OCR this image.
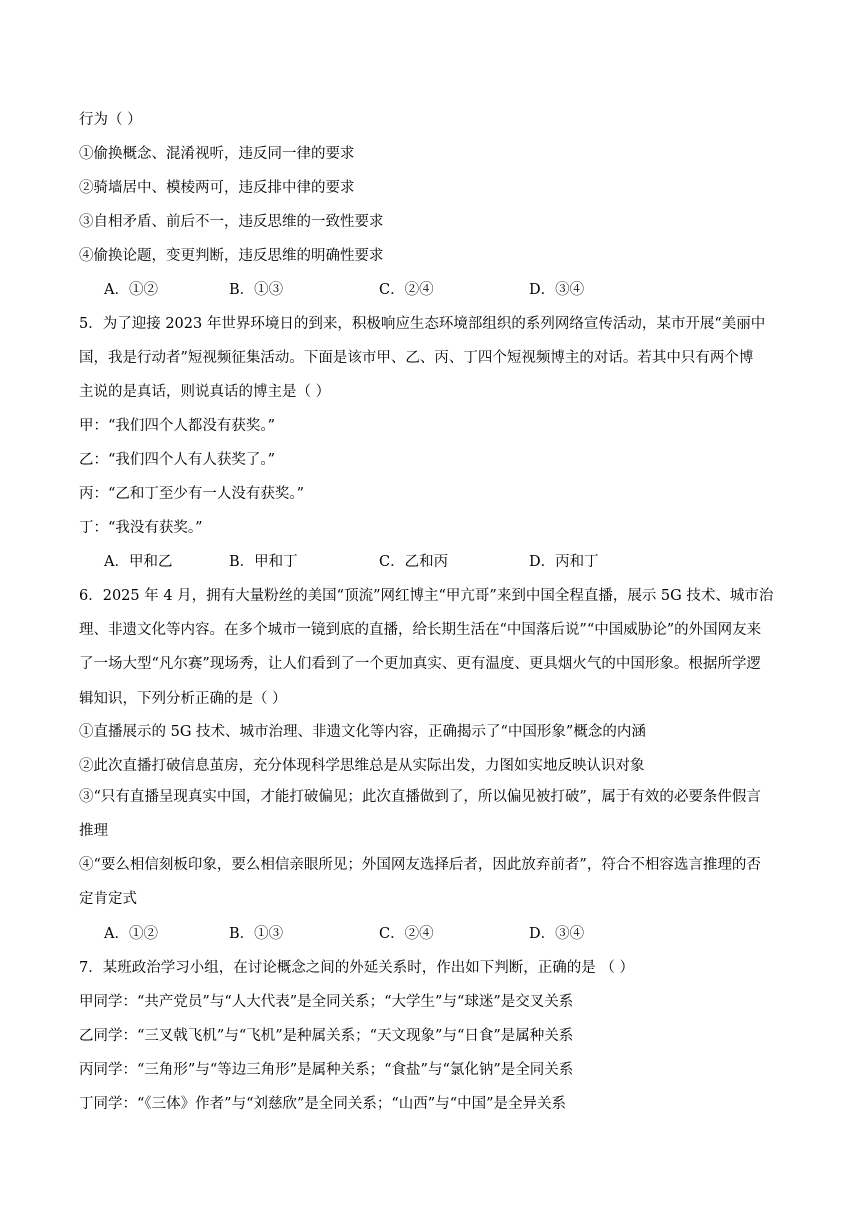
行为（ ）
①偷换概念、混淆视听，违反同一律的要求
②骑墙居中、模棱两可，违反排中律的要求
③自相矛盾、前后不一，违反思维的一致性要求
④偷换论题，变更判断，违反思维的明确性要求
A．①②	B．①③	C．②④	D．③④
5．为了迎接 2023 年世界环境日的到来，积极响应生态环境部组织的系列网络宣传活动，某市开展“美丽中
国，我是行动者”短视频征集活动。下面是该市甲、乙、丙、丁四个短视频博主的对话。若其中只有两个博
主说的是真话，则说真话的博主是（ ）
甲：“我们四个人都没有获奖。”
乙：“我们四个人有人获奖了。”
丙：“乙和丁至少有一人没有获奖。”
丁：“我没有获奖。”
A．甲和乙	B．甲和丁	C．乙和丙	D．丙和丁
6．2025 年 4 月，拥有大量粉丝的美国“顶流”网红博主“甲亢哥”来到中国全程直播，展示 5G 技术、城市治
理、非遗文化等内容。在多个城市一镜到底的直播，给长期生活在“中国落后说”“中国威胁论”的外国网友来
了一场大型“凡尔赛”现场秀，让人们看到了一个更加真实、更有温度、更具烟火气的中国形象。根据所学逻
辑知识，下列分析正确的是（ ）
①直播展示的 5G 技术、城市治理、非遗文化等内容，正确揭示了“中国形象”概念的内涵
②此次直播打破信息茧房，充分体现科学思维总是从实际出发，力图如实地反映认识对象
③“只有直播呈现真实中国，才能打破偏见；此次直播做到了，所以偏见被打破”，属于有效的必要条件假言
推理
④“要么相信刻板印象，要么相信亲眼所见；外国网友选择后者，因此放弃前者”，符合不相容选言推理的否
定肯定式
A．①②	B．①③	C．②④	D．③④
7．某班政治学习小组，在讨论概念之间的外延关系时，作出如下判断，正确的是 （ ）
甲同学：“共产党员”与“人大代表”是全同关系；“大学生”与“球迷”是交叉关系
乙同学：“三叉戟飞机”与“飞机”是种属关系；“天文现象”与“日食”是属种关系
丙同学：“三角形”与“等边三角形”是属种关系；“食盐”与“氯化钠”是全同关系
丁同学：“《三体》作者”与“刘慈欣”是全同关系；“山西”与“中国”是全异关系
